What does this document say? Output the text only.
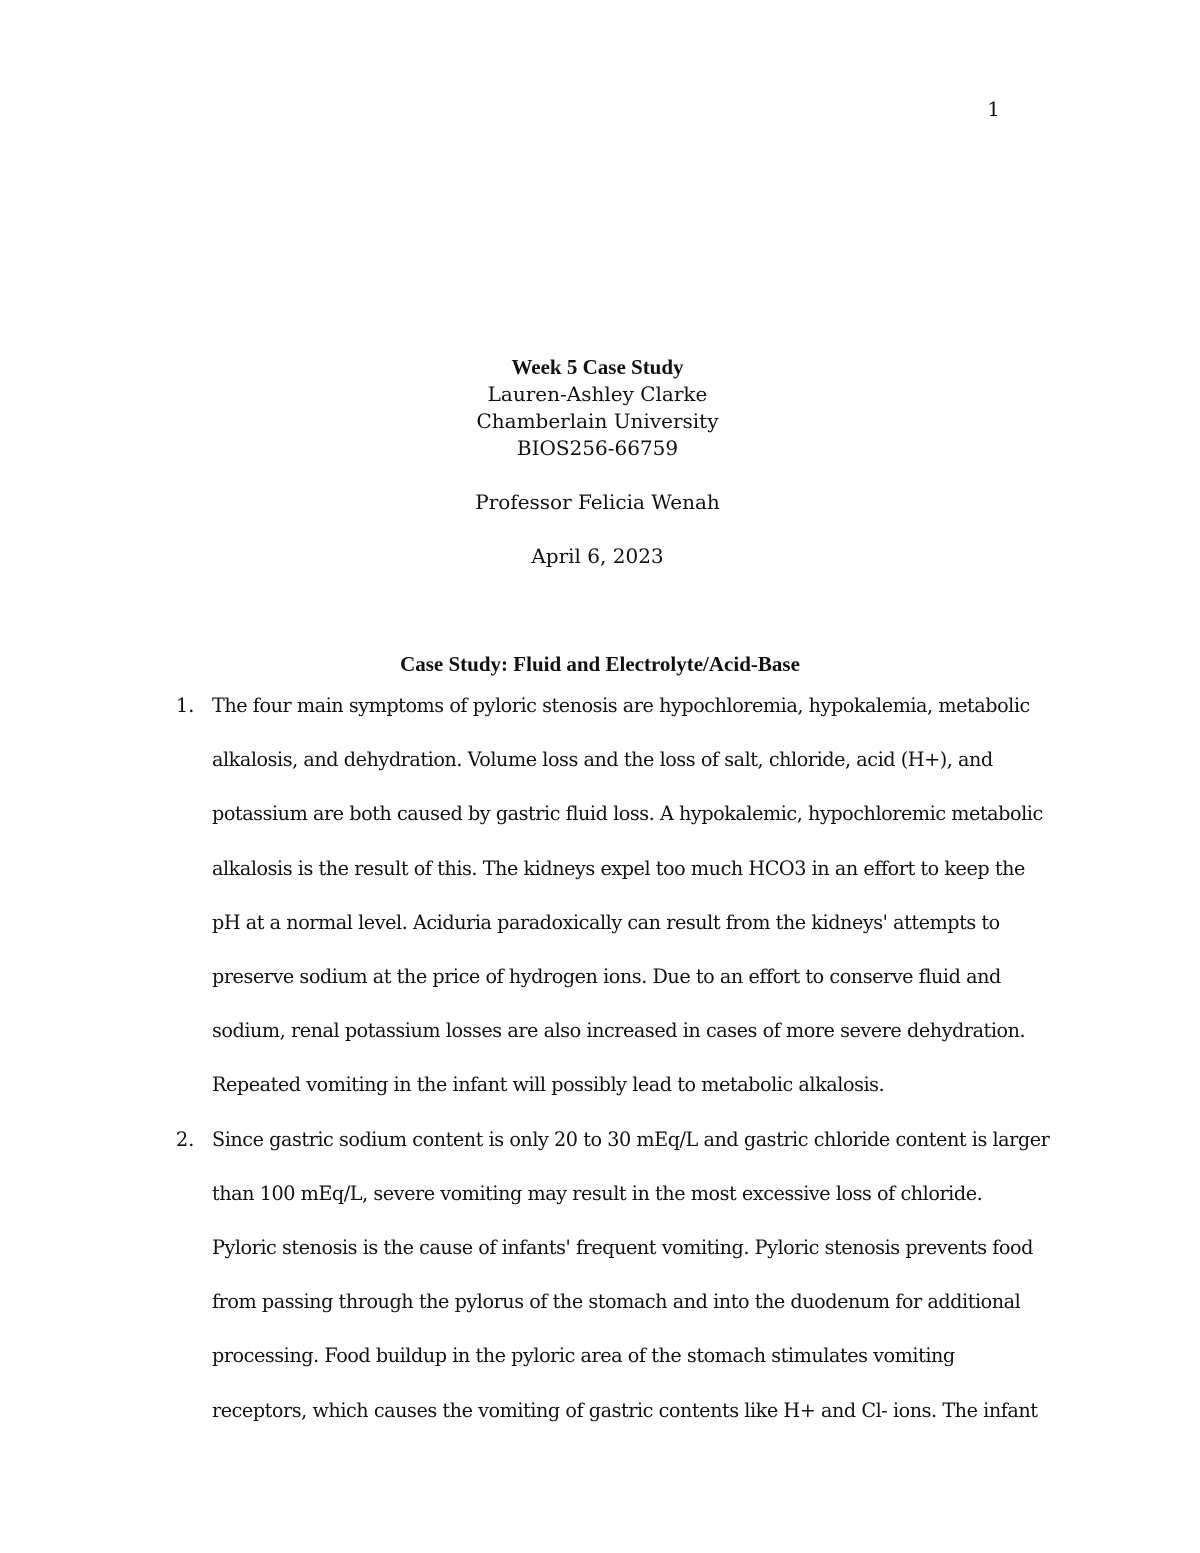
1
Week 5 Case Study
Lauren-Ashley Clarke
Chamberlain University
BIOS256-66759
Professor Felicia Wenah
April 6, 2023
Case Study: Fluid and Electrolyte/Acid-Base
1. The four main symptoms of pyloric stenosis are hypochloremia, hypokalemia, metabolic
alkalosis, and dehydration. Volume loss and the loss of salt, chloride, acid (H+), and
potassium are both caused by gastric fluid loss. A hypokalemic, hypochloremic metabolic
alkalosis is the result of this. The kidneys expel too much HCO3 in an effort to keep the
pH at a normal level. Aciduria paradoxically can result from the kidneys' attempts to
preserve sodium at the price of hydrogen ions. Due to an effort to conserve fluid and
sodium, renal potassium losses are also increased in cases of more severe dehydration.
Repeated vomiting in the infant will possibly lead to metabolic alkalosis.
2. Since gastric sodium content is only 20 to 30 mEq/L and gastric chloride content is larger
than 100 mEq/L, severe vomiting may result in the most excessive loss of chloride.
Pyloric stenosis is the cause of infants' frequent vomiting. Pyloric stenosis prevents food
from passing through the pylorus of the stomach and into the duodenum for additional
processing. Food buildup in the pyloric area of the stomach stimulates vomiting
receptors, which causes the vomiting of gastric contents like H+ and Cl- ions. The infant
